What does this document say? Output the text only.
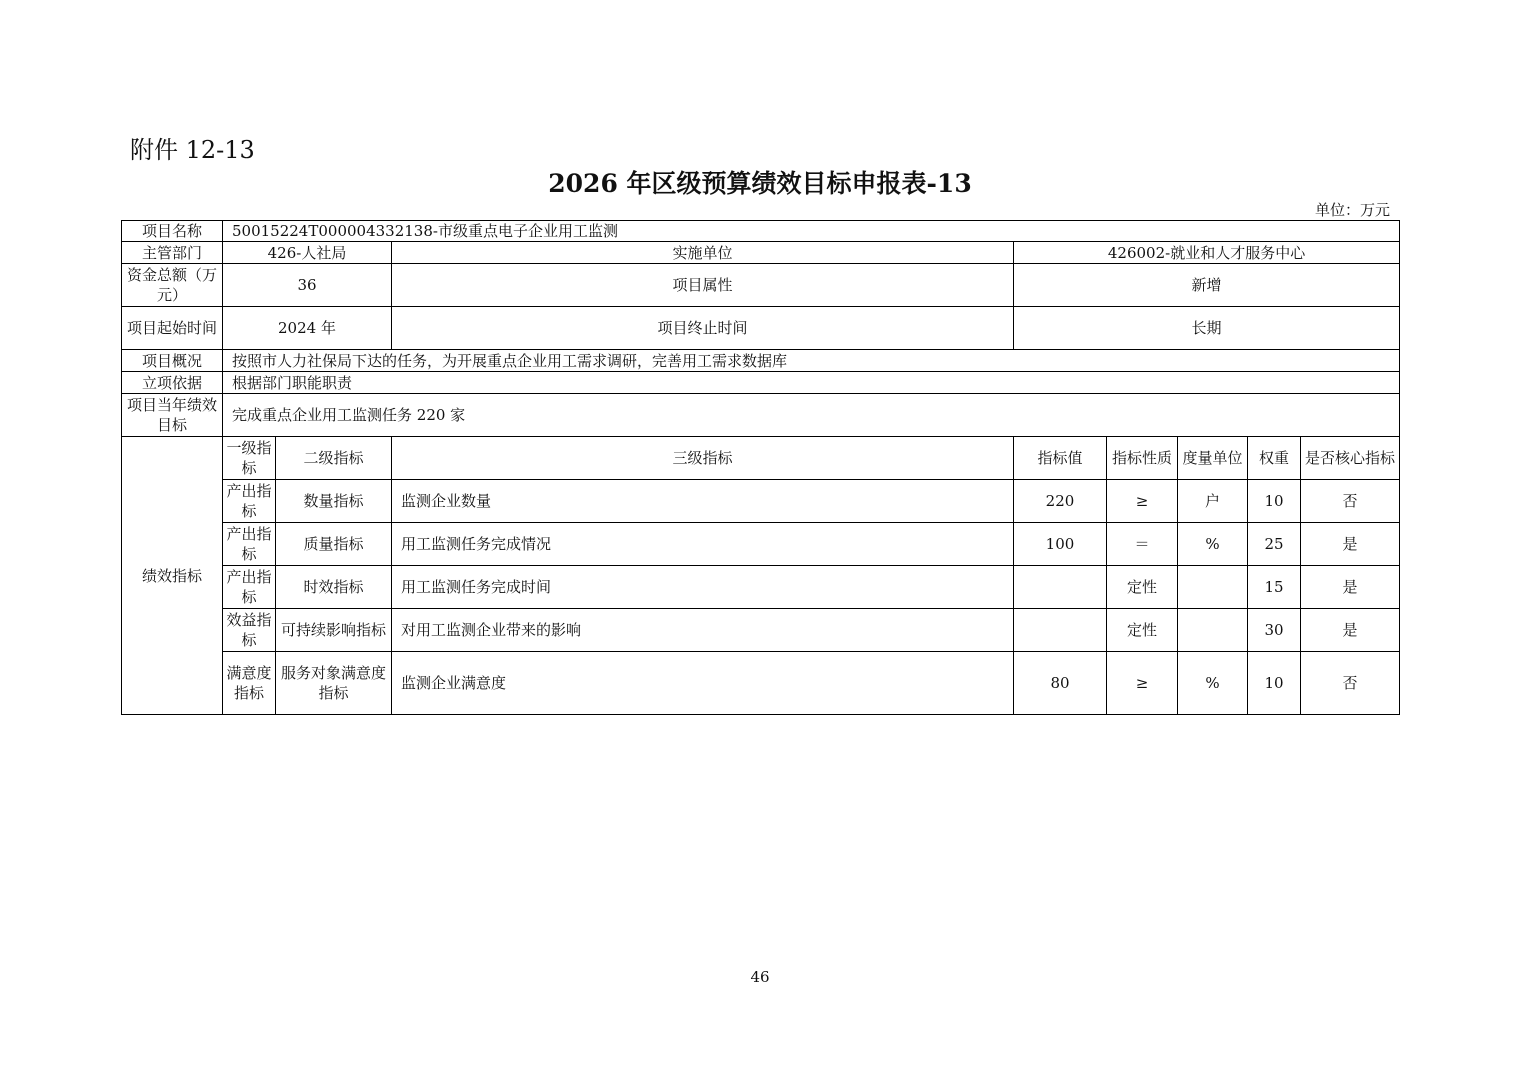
附件 12-13
2026 年区级预算绩效目标申报表-13
单位：万元
项目名称	50015224T000004332138-市级重点电子企业用工监测							
主管部门	426-人社局		实施单位	426002-就业和人才服务中心				
资金总额（万元）	36		项目属性	新增				
项目起始时间	2024 年		项目终止时间	长期				
项目概况	按照市人力社保局下达的任务，为开展重点企业用工需求调研，完善用工需求数据库							
立项依据	根据部门职能职责							
项目当年绩效目标	完成重点企业用工监测任务 220 家							
绩效指标	一级指标	二级指标	三级指标	指标值	指标性质	度量单位	权重	是否核心指标
	产出指标	数量指标	监测企业数量	220	≥	户	10	否
	产出指标	质量指标	用工监测任务完成情况	100	＝	%	25	是
	产出指标	时效指标	用工监测任务完成时间		定性		15	是
	效益指标	可持续影响指标	对用工监测企业带来的影响		定性		30	是
	满意度指标	服务对象满意度指标	监测企业满意度	80	≥	%	10	否
46
